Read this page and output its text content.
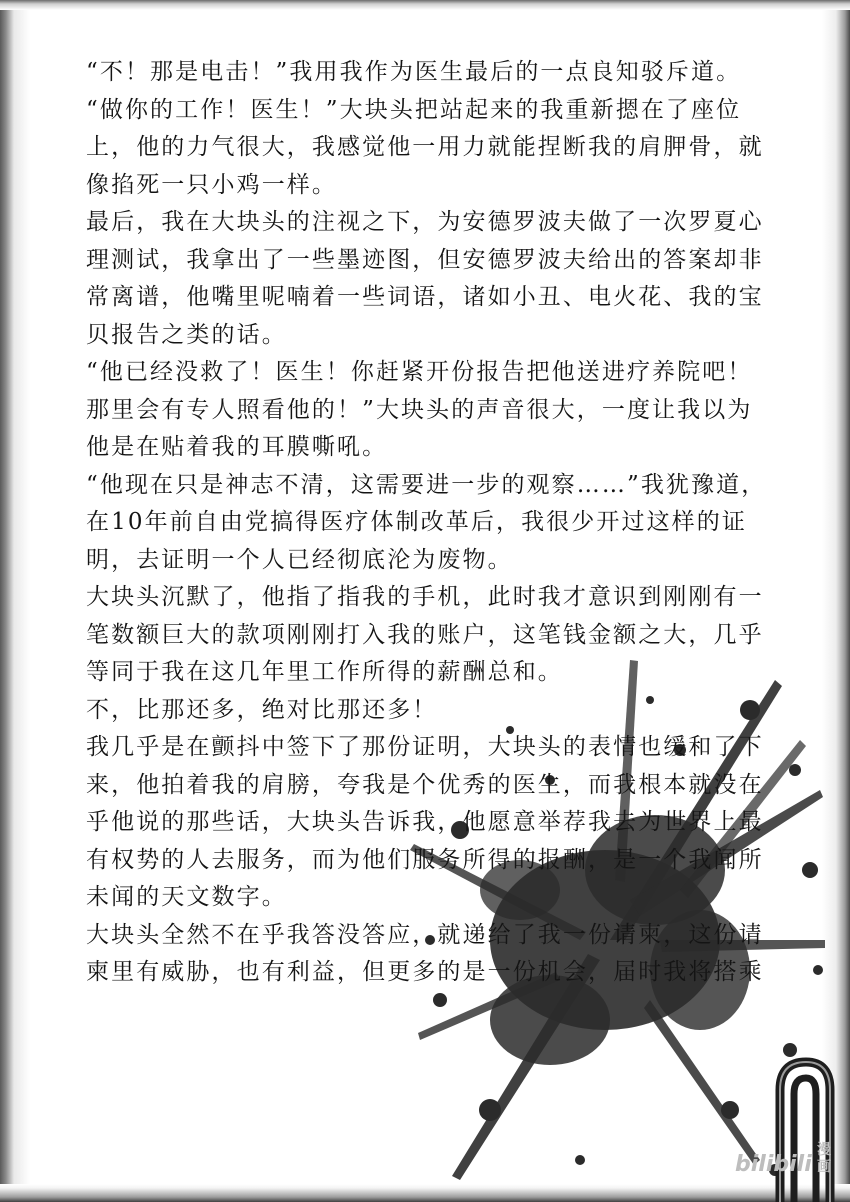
“不！那是电击！”我用我作为医生最后的一点良知驳斥道。

“做你的工作！医生！”大块头把站起来的我重新摁在了座位上，他的力气很大，我感觉他一用力就能捏断我的肩胛骨，就像掐死一只小鸡一样。

最后，我在大块头的注视之下，为安德罗波夫做了一次罗夏心理测试，我拿出了一些墨迹图，但安德罗波夫给出的答案却非常离谱，他嘴里呢喃着一些词语，诸如小丑、电火花、我的宝贝报告之类的话。

“他已经没救了！医生！你赶紧开份报告把他送进疗养院吧！那里会有专人照看他的！”大块头的声音很大，一度让我以为他是在贴着我的耳膜嘶吼。

“他现在只是神志不清，这需要进一步的观察……”我犹豫道，在10年前自由党搞得医疗体制改革后，我很少开过这样的证明，去证明一个人已经彻底沦为废物。

大块头沉默了，他指了指我的手机，此时我才意识到刚刚有一笔数额巨大的款项刚刚打入我的账户，这笔钱金额之大，几乎等同于我在这几年里工作所得的薪酬总和。

不，比那还多，绝对比那还多！

我几乎是在颤抖中签下了那份证明，大块头的表情也缓和了下来，他拍着我的肩膀，夸我是个优秀的医生，而我根本就没在乎他说的那些话，大块头告诉我，他愿意举荐我去为世界上最有权势的人去服务，而为他们服务所得的报酬，是一个我闻所未闻的天文数字。

大块头全然不在乎我答没答应，就递给了我一份请柬，这份请柬里有威胁，也有利益，但更多的是一份机会，届时我将搭乘

bilibili
漫画
